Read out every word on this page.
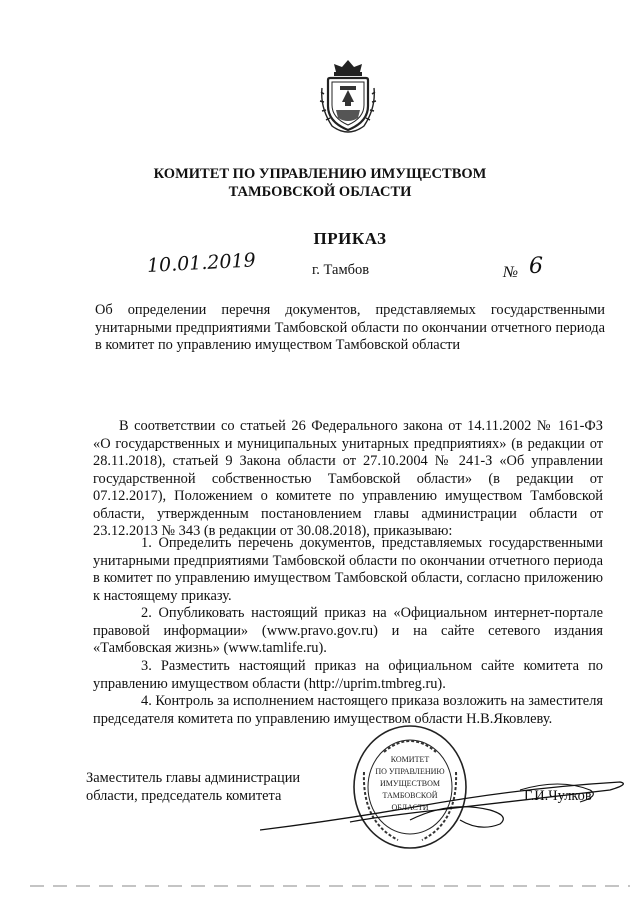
КОМИТЕТ ПО УПРАВЛЕНИЮ ИМУЩЕСТВОМ
ТАМБОВСКОЙ ОБЛАСТИ
ПРИКАЗ
10.01.2019	г. Тамбов	№ 6
Об определении перечня документов, представляемых государственными унитарными предприятиями Тамбовской области по окончании отчетного периода в комитет по управлению имуществом Тамбовской области
В соответствии со статьей 26 Федерального закона от 14.11.2002 № 161-ФЗ «О государственных и муниципальных унитарных предприятиях» (в редакции от 28.11.2018), статьей 9 Закона области от 27.10.2004 № 241-З «Об управлении государственной собственностью Тамбовской области» (в редакции от 07.12.2017), Положением о комитете по управлению имуществом Тамбовской области, утвержденным постановлением главы администрации области от 23.12.2013 № 343 (в редакции от 30.08.2018), приказываю:
1. Определить перечень документов, представляемых государственными унитарными предприятиями Тамбовской области по окончании отчетного периода в комитет по управлению имуществом Тамбовской области, согласно приложению к настоящему приказу.
2. Опубликовать настоящий приказ на «Официальном интернет-портале правовой информации» (www.pravo.gov.ru) и на сайте сетевого издания «Тамбовская жизнь» (www.tamlife.ru).
3. Разместить настоящий приказ на официальном сайте комитета по управлению имуществом области (http://uprim.tmbreg.ru).
4. Контроль за исполнением настоящего приказа возложить на заместителя председателя комитета по управлению имуществом области Н.В.Яковлеву.
Заместитель главы администрации
области, председатель комитета	Г.И.Чулков
КОМИТЕТ
ПО УПРАВЛЕНИЮ
ИМУЩЕСТВОМ
ТАМБОВСКОЙ
ОБЛАСТИ
